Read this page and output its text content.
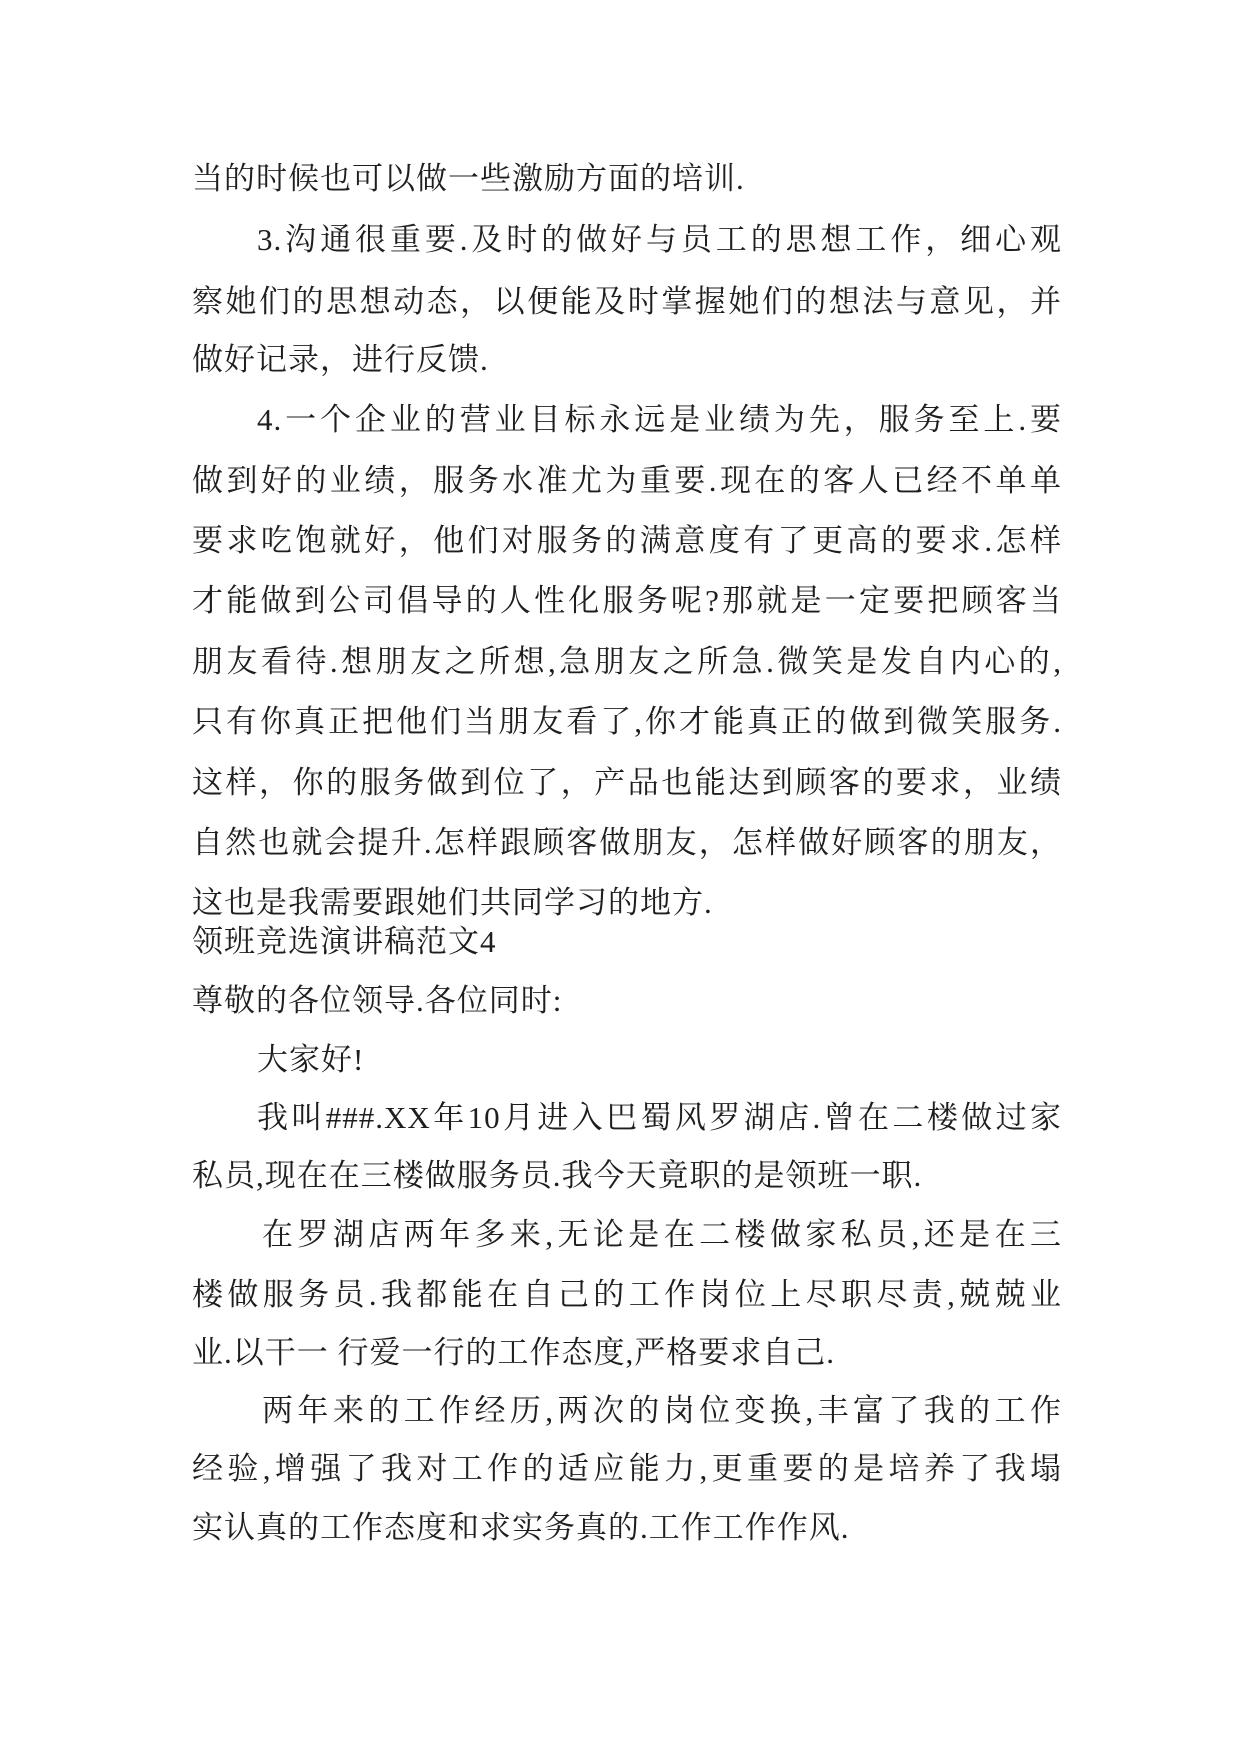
当的时候也可以做一些激励方面的培训.
3.沟通很重要.及时的做好与员工的思想工作，细心观
察她们的思想动态，以便能及时掌握她们的想法与意见，并
做好记录，进行反馈.
4.一个企业的营业目标永远是业绩为先，服务至上.要
做到好的业绩，服务水准尤为重要.现在的客人已经不单单
要求吃饱就好，他们对服务的满意度有了更高的要求.怎样
才能做到公司倡导的人性化服务呢?那就是一定要把顾客当
朋友看待.想朋友之所想,急朋友之所急.微笑是发自内心的,
只有你真正把他们当朋友看了,你才能真正的做到微笑服务.
这样，你的服务做到位了，产品也能达到顾客的要求，业绩
自然也就会提升.怎样跟顾客做朋友，怎样做好顾客的朋友，
这也是我需要跟她们共同学习的地方.
领班竞选演讲稿范文4
尊敬的各位领导.各位同时:
大家好!
我叫###.XX年10月进入巴蜀风罗湖店.曾在二楼做过家
私员,现在在三楼做服务员.我今天竟职的是领班一职.
在罗湖店两年多来,无论是在二楼做家私员,还是在三
楼做服务员.我都能在自己的工作岗位上尽职尽责,兢兢业
业.以干一 行爱一行的工作态度,严格要求自己.
两年来的工作经历,两次的岗位变换,丰富了我的工作
经验,增强了我对工作的适应能力,更重要的是培养了我塌
实认真的工作态度和求实务真的.工作工作作风.
